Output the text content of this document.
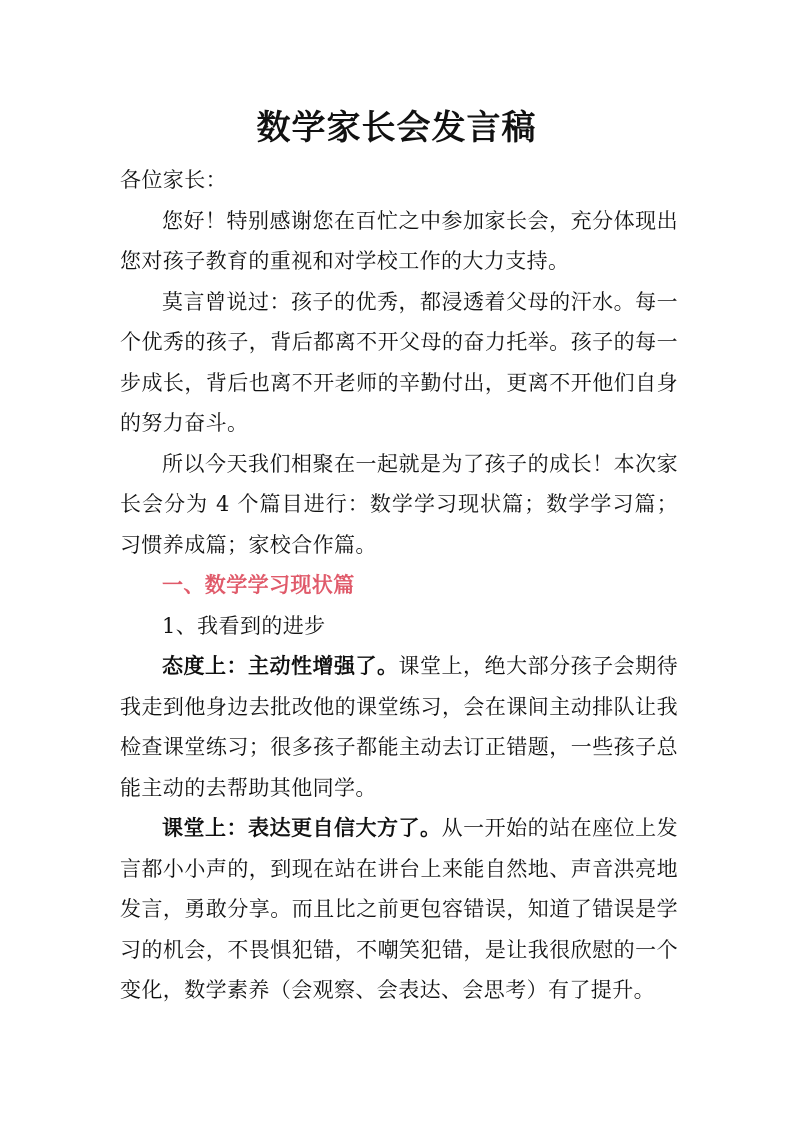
数学家长会发言稿

各位家长：

您好！特别感谢您在百忙之中参加家长会，充分体现出您对孩子教育的重视和对学校工作的大力支持。

莫言曾说过：孩子的优秀，都浸透着父母的汗水。每一个优秀的孩子，背后都离不开父母的奋力托举。孩子的每一步成长，背后也离不开老师的辛勤付出，更离不开他们自身的努力奋斗。

所以今天我们相聚在一起就是为了孩子的成长！本次家长会分为 4 个篇目进行：数学学习现状篇；数学学习篇；习惯养成篇；家校合作篇。

一、数学学习现状篇

1、我看到的进步

态度上：主动性增强了。课堂上，绝大部分孩子会期待我走到他身边去批改他的课堂练习，会在课间主动排队让我检查课堂练习；很多孩子都能主动去订正错题，一些孩子总能主动的去帮助其他同学。

课堂上：表达更自信大方了。从一开始的站在座位上发言都小小声的，到现在站在讲台上来能自然地、声音洪亮地发言，勇敢分享。而且比之前更包容错误，知道了错误是学习的机会，不畏惧犯错，不嘲笑犯错，是让我很欣慰的一个变化，数学素养（会观察、会表达、会思考）有了提升。
